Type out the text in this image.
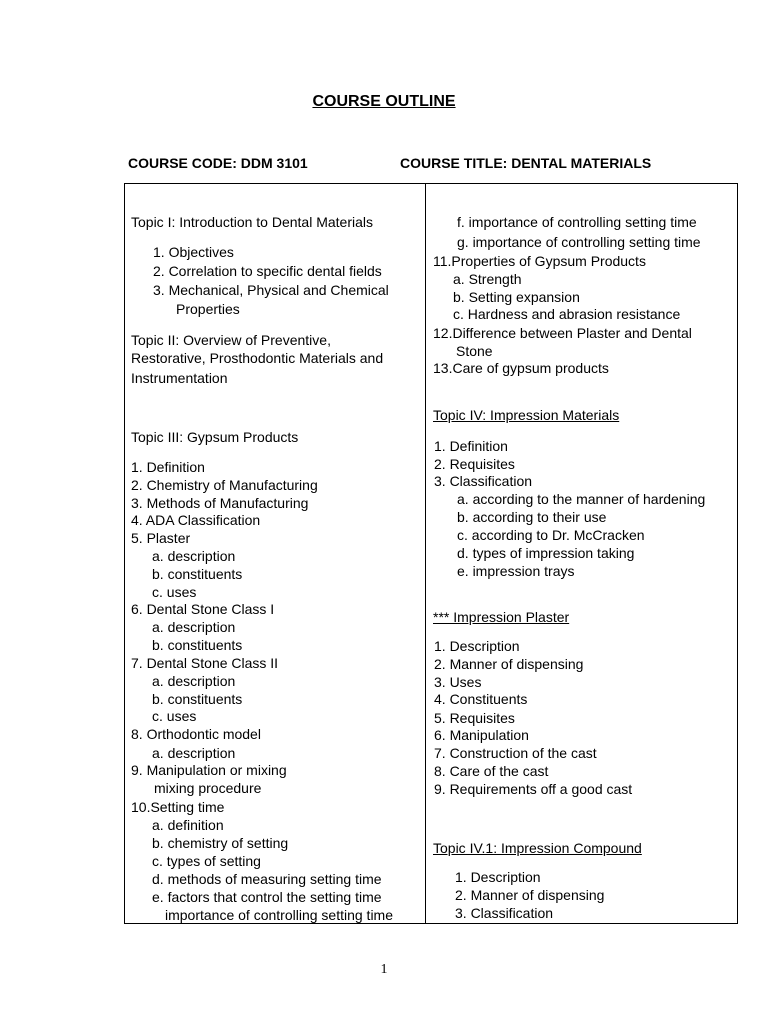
COURSE OUTLINE
COURSE CODE: DDM 3101	COURSE TITLE: DENTAL MATERIALS
Topic I: Introduction to Dental Materials
1. Objectives
2. Correlation to specific dental fields
3. Mechanical, Physical and Chemical
Properties
Topic II: Overview of Preventive,
Restorative, Prosthodontic Materials and
Instrumentation
Topic III: Gypsum Products
1. Definition
2. Chemistry of Manufacturing
3. Methods of Manufacturing
4. ADA Classification
5. Plaster
a. description
b. constituents
c. uses
6. Dental Stone Class I
a. description
b. constituents
7. Dental Stone Class II
a. description
b. constituents
c. uses
8. Orthodontic model
a. description
9. Manipulation or mixing
mixing procedure
10.Setting time
a. definition
b. chemistry of setting
c. types of setting
d. methods of measuring setting time
e. factors that control the setting time
importance of controlling setting time
f. importance of controlling setting time
g. importance of controlling setting time
11.Properties of Gypsum Products
a. Strength
b. Setting expansion
c. Hardness and abrasion resistance
12.Difference between Plaster and Dental
Stone
13.Care of gypsum products
Topic IV: Impression Materials
1. Definition
2. Requisites
3. Classification
a. according to the manner of hardening
b. according to their use
c. according to Dr. McCracken
d. types of impression taking
e. impression trays
*** Impression Plaster
1. Description
2. Manner of dispensing
3. Uses
4. Constituents
5. Requisites
6. Manipulation
7. Construction of the cast
8. Care of the cast
9. Requirements off a good cast
Topic IV.1: Impression Compound
1. Description
2. Manner of dispensing
3. Classification
1
